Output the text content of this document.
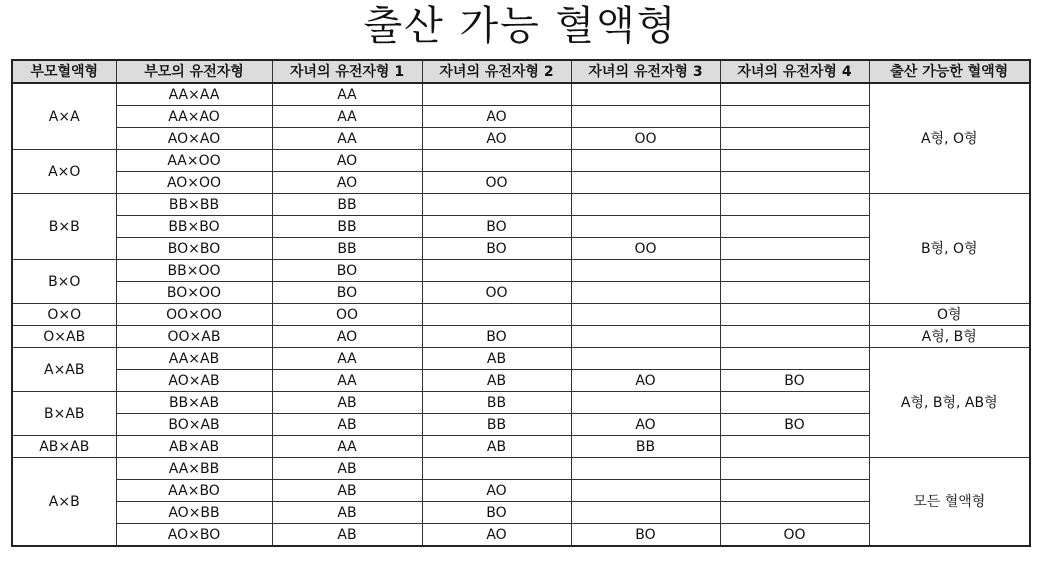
출산 가능 혈액형
부모혈액형	부모의 유전자형	자녀의 유전자형 1	자녀의 유전자형 2	자녀의 유전자형 3	자녀의 유전자형 4	출산 가능한 혈액형
A×A	AA×AA	AA				A형, O형
	AA×AO	AA	AO			
	AO×AO	AA	AO	OO		
A×O	AA×OO	AO				
	AO×OO	AO	OO			
B×B	BB×BB	BB				B형, O형
	BB×BO	BB	BO			
	BO×BO	BB	BO	OO		
B×O	BB×OO	BO				
	BO×OO	BO	OO			
O×O	OO×OO	OO				O형
O×AB	OO×AB	AO	BO			A형, B형
A×AB	AA×AB	AA	AB			A형, B형, AB형
	AO×AB	AA	AB	AO	BO	
B×AB	BB×AB	AB	BB			
	BO×AB	AB	BB	AO	BO	
AB×AB	AB×AB	AA	AB	BB		
A×B	AA×BB	AB				모든 혈액형
	AA×BO	AB	AO			
	AO×BB	AB	BO			
	AO×BO	AB	AO	BO	OO	
